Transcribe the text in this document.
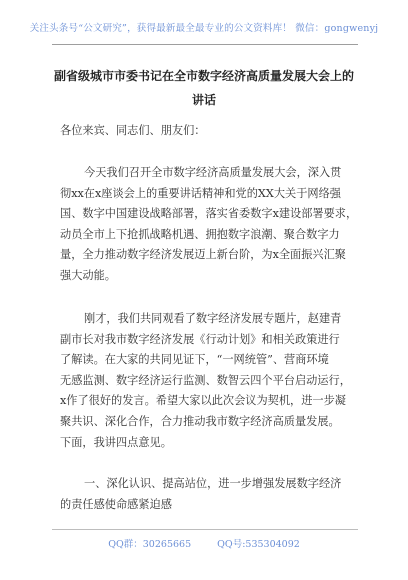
关注头条号“公文研究”，获得最新最全最专业的公文资料库！ 微信：gongwenyj
副省级城市市委书记在全市数字经济高质量发展大会上的
讲话

各位来宾、同志们、朋友们：

今天我们召开全市数字经济高质量发展大会，深入贯

彻xx在x座谈会上的重要讲话精神和党的XX大关于网络强

国、数字中国建设战略部署，落实省委数字x建设部署要求，

动员全市上下抢抓战略机遇、拥抱数字浪潮、聚合数字力

量，全力推动数字经济发展迈上新台阶，为x全面振兴汇聚

强大动能。

刚才，我们共同观看了数字经济发展专题片，赵建青

副市长对我市数字经济发展《行动计划》和相关政策进行

了解读。在大家的共同见证下，“一网统管”、营商环境

无感监测、数字经济运行监测、数智云四个平台启动运行，

x作了很好的发言。希望大家以此次会议为契机，进一步凝

聚共识、深化合作，合力推动我市数字经济高质量发展。

下面，我讲四点意见。

一、深化认识、提高站位，进一步增强发展数字经济

的责任感使命感紧迫感

QQ群：30265665	QQ号:535304092
